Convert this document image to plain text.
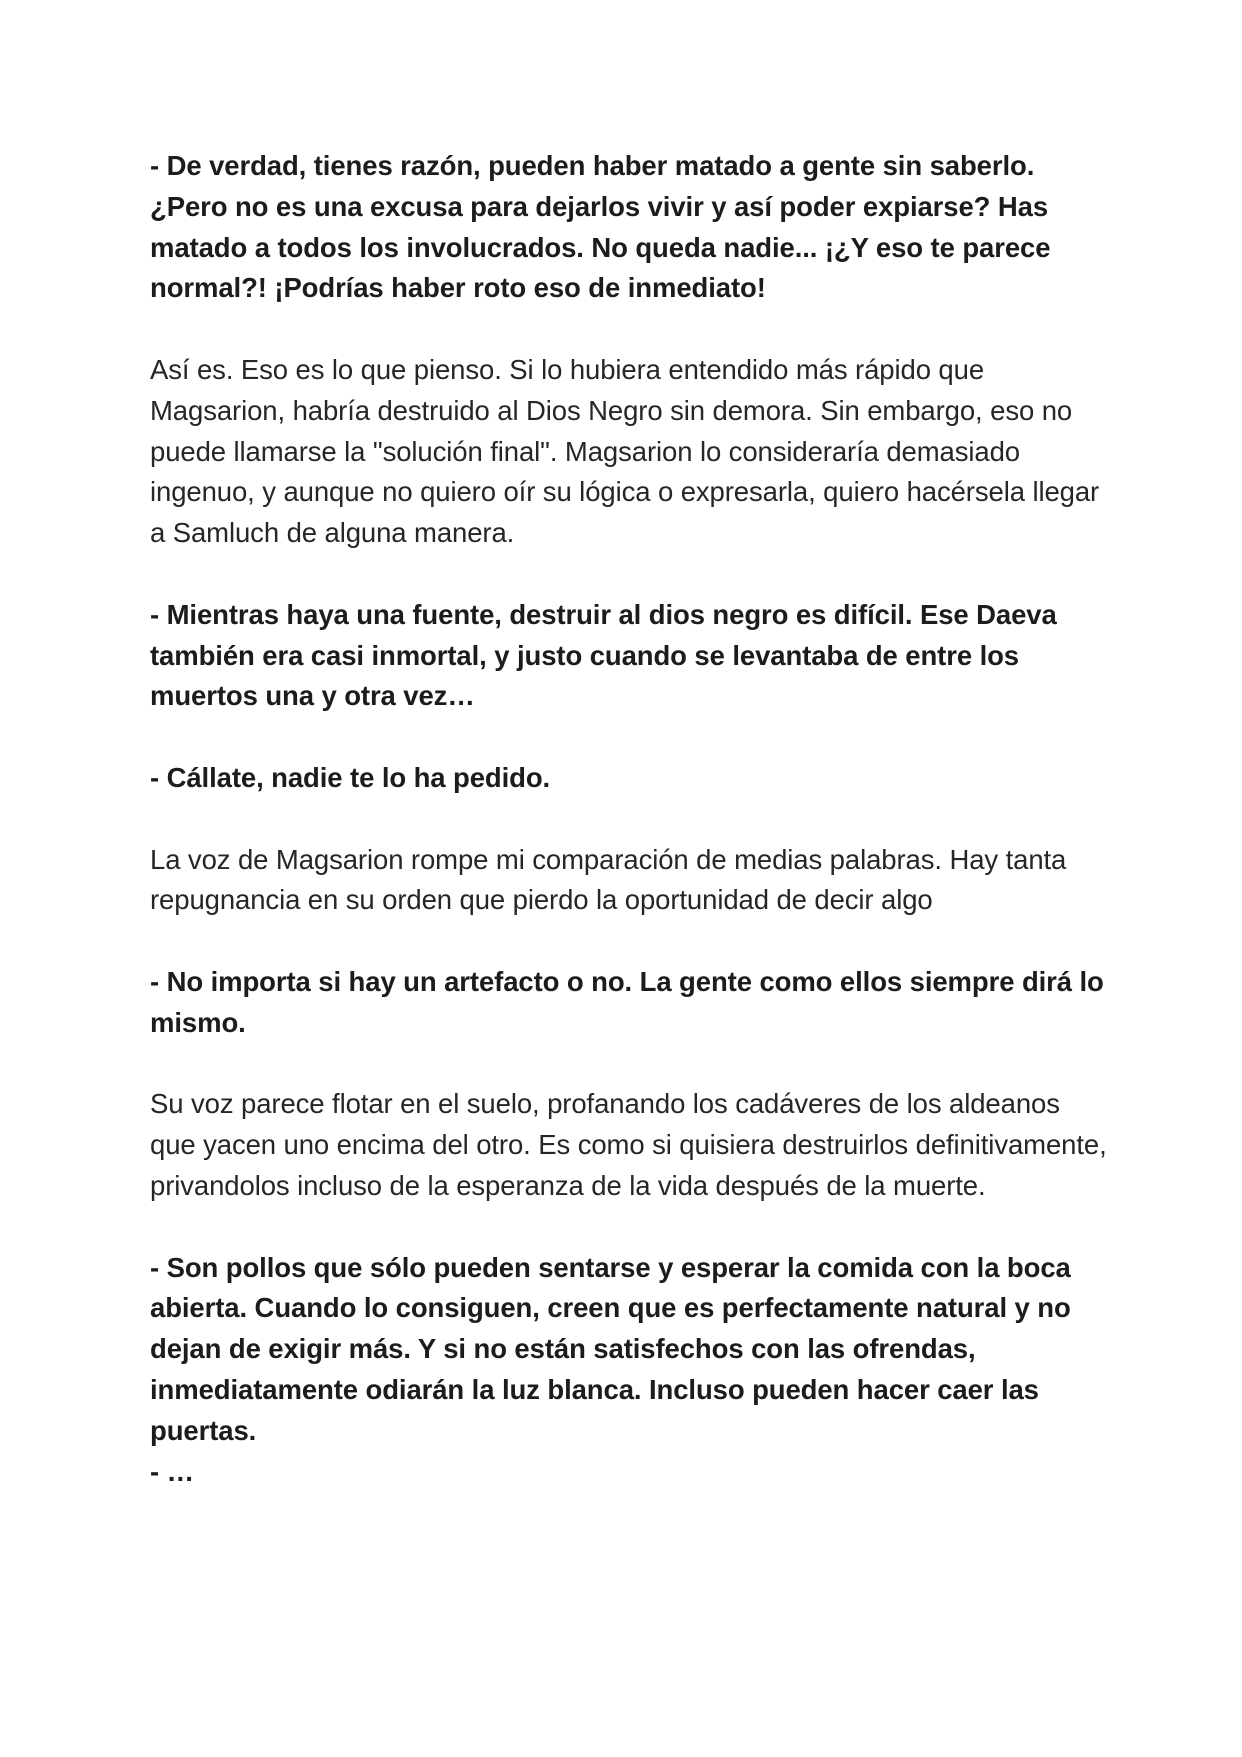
- De verdad, tienes razón, pueden haber matado a gente sin saberlo. ¿Pero no es una excusa para dejarlos vivir y así poder expiarse? Has matado a todos los involucrados. No queda nadie... ¡¿Y eso te parece normal?! ¡Podrías haber roto eso de inmediato!

Así es. Eso es lo que pienso. Si lo hubiera entendido más rápido que Magsarion, habría destruido al Dios Negro sin demora. Sin embargo, eso no puede llamarse la "solución final". Magsarion lo consideraría demasiado ingenuo, y aunque no quiero oír su lógica o expresarla, quiero hacérsela llegar a Samluch de alguna manera.

- Mientras haya una fuente, destruir al dios negro es difícil. Ese Daeva también era casi inmortal, y justo cuando se levantaba de entre los muertos una y otra vez…

- Cállate, nadie te lo ha pedido.

La voz de Magsarion rompe mi comparación de medias palabras. Hay tanta repugnancia en su orden que pierdo la oportunidad de decir algo

- No importa si hay un artefacto o no. La gente como ellos siempre dirá lo mismo.

Su voz parece flotar en el suelo, profanando los cadáveres de los aldeanos que yacen uno encima del otro. Es como si quisiera destruirlos definitivamente, privandolos incluso de la esperanza de la vida después de la muerte.

- Son pollos que sólo pueden sentarse y esperar la comida con la boca abierta. Cuando lo consiguen, creen que es perfectamente natural y no dejan de exigir más. Y si no están satisfechos con las ofrendas, inmediatamente odiarán la luz blanca. Incluso pueden hacer caer las puertas.

- …
